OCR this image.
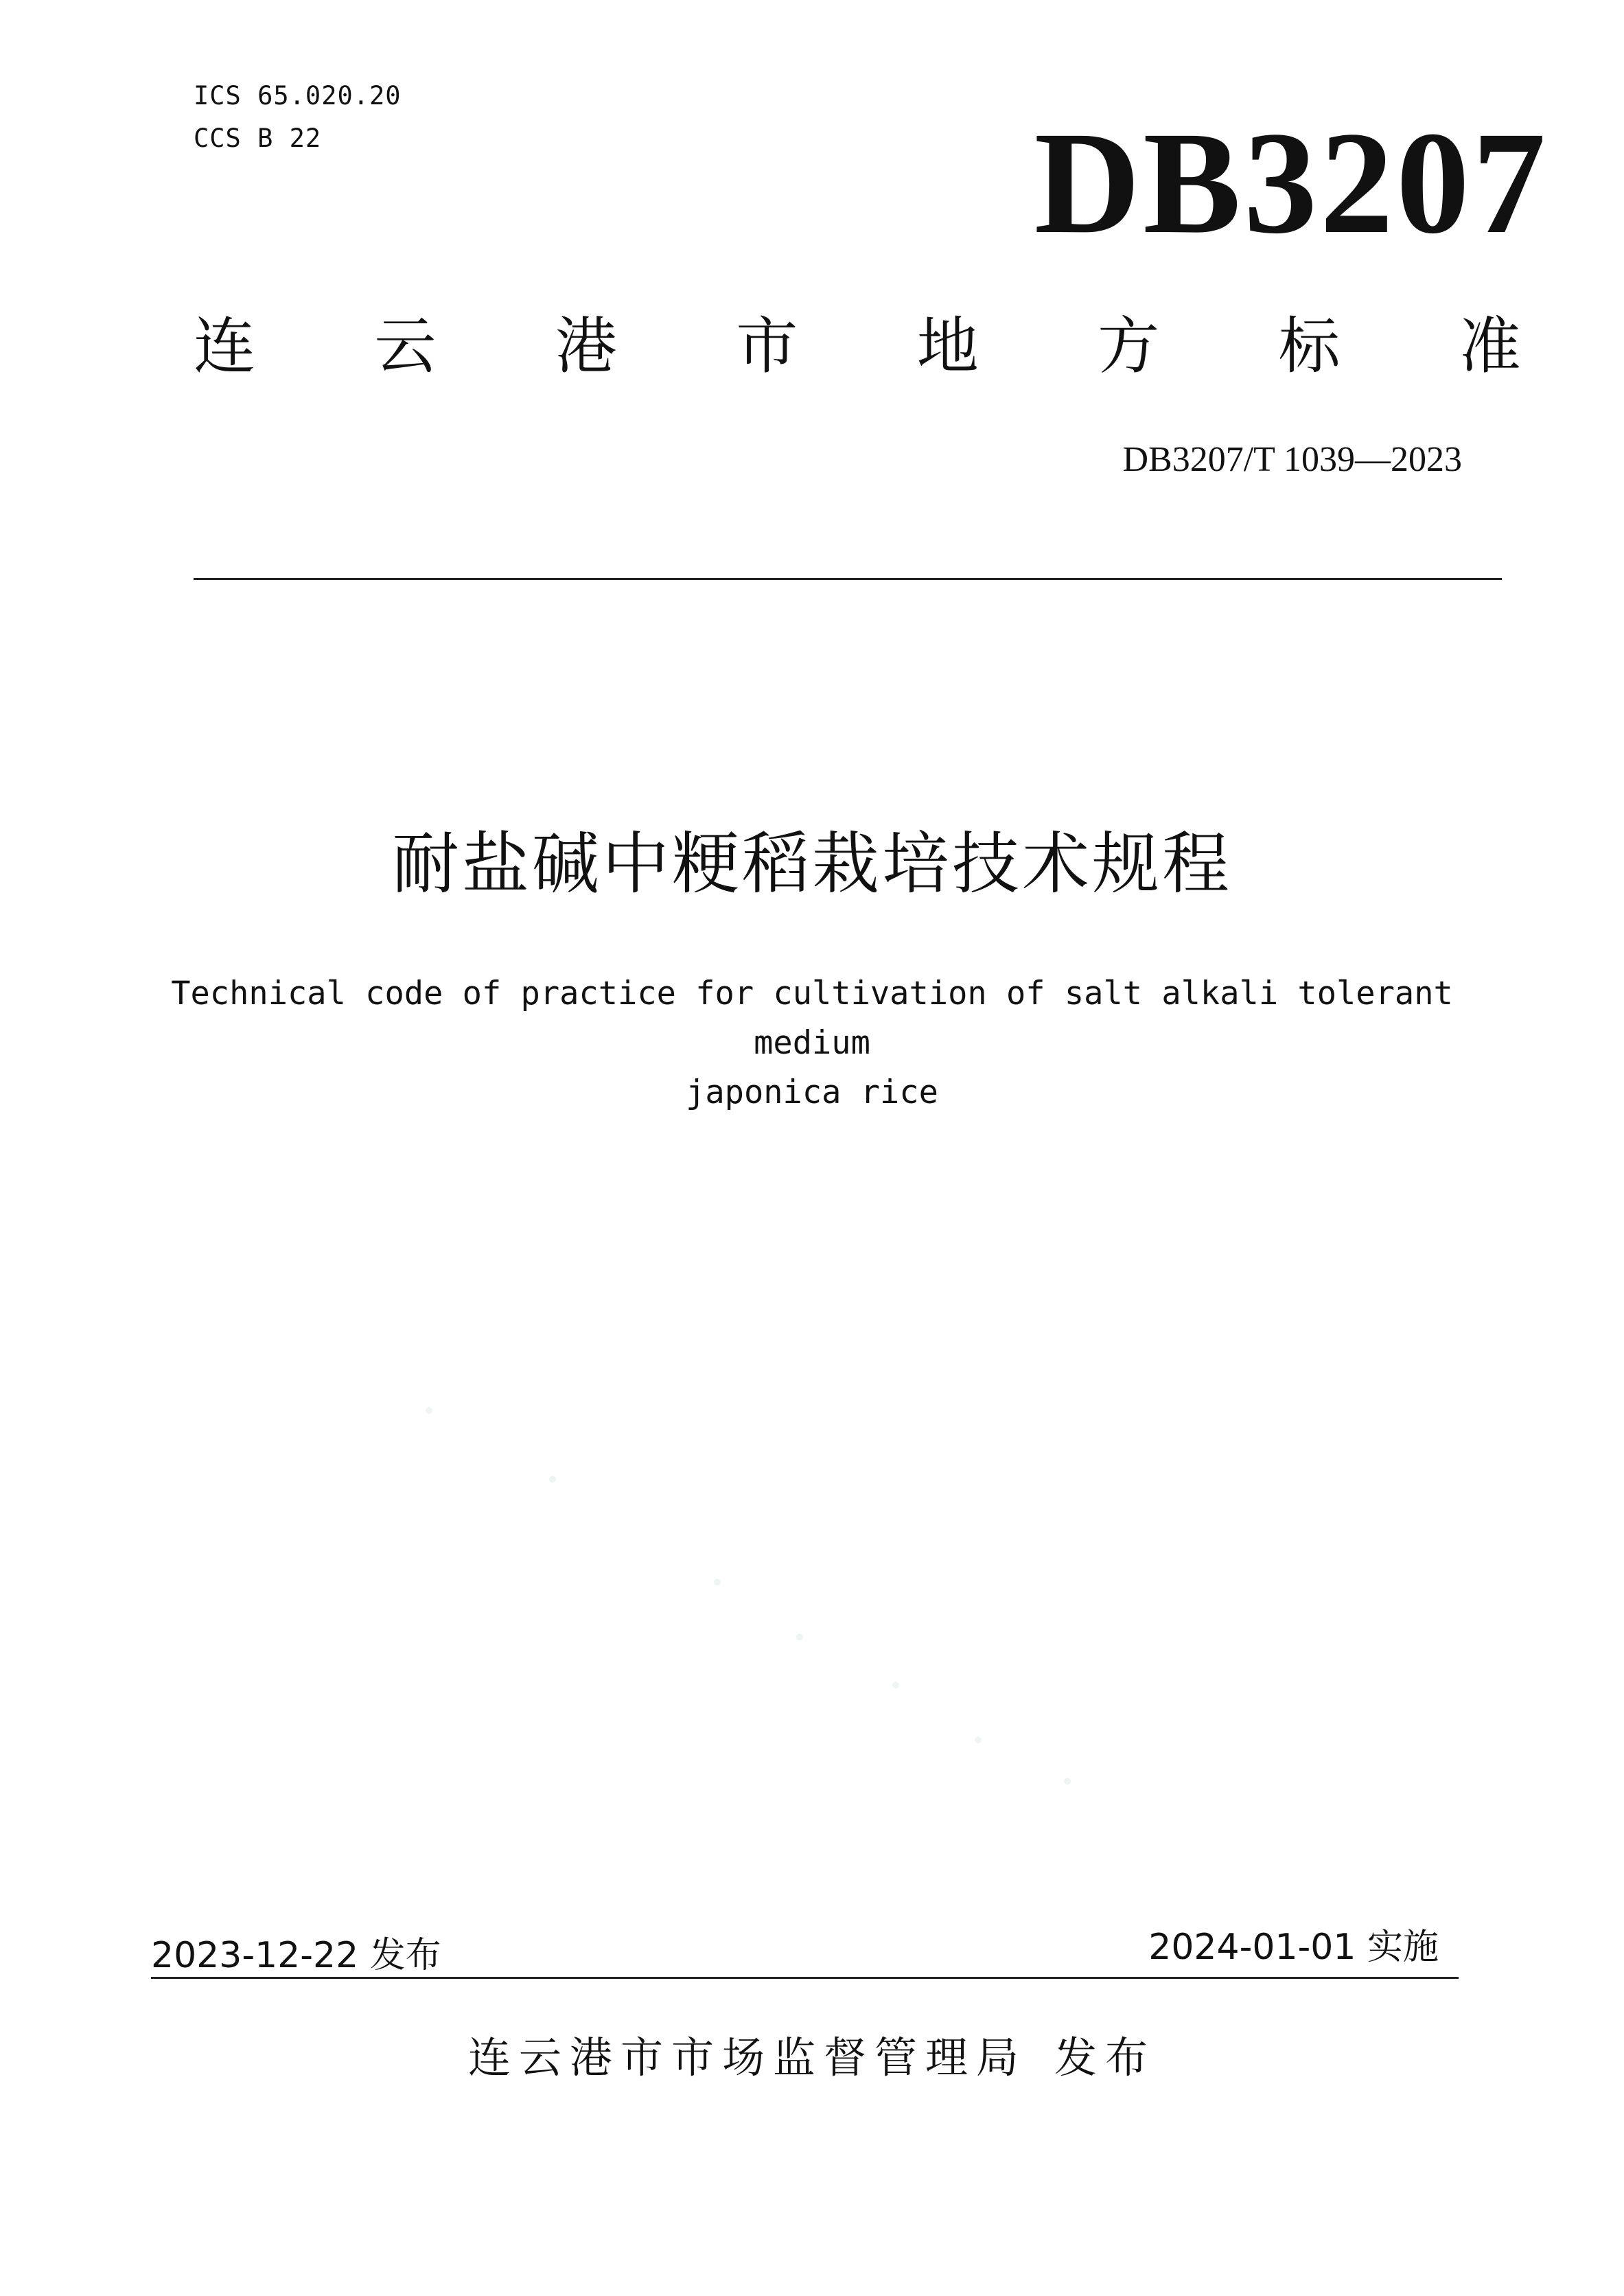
ICS 65.020.20
CCS B 22	DB3207
连 云 港 市 地 方 标 准
DB3207/T 1039—2023
耐盐碱中粳稻栽培技术规程
Technical code of practice for cultivation of salt alkali tolerant medium
japonica rice
2023-12-22 发布	2024-01-01 实施
连云港市市场监督管理局 发布
